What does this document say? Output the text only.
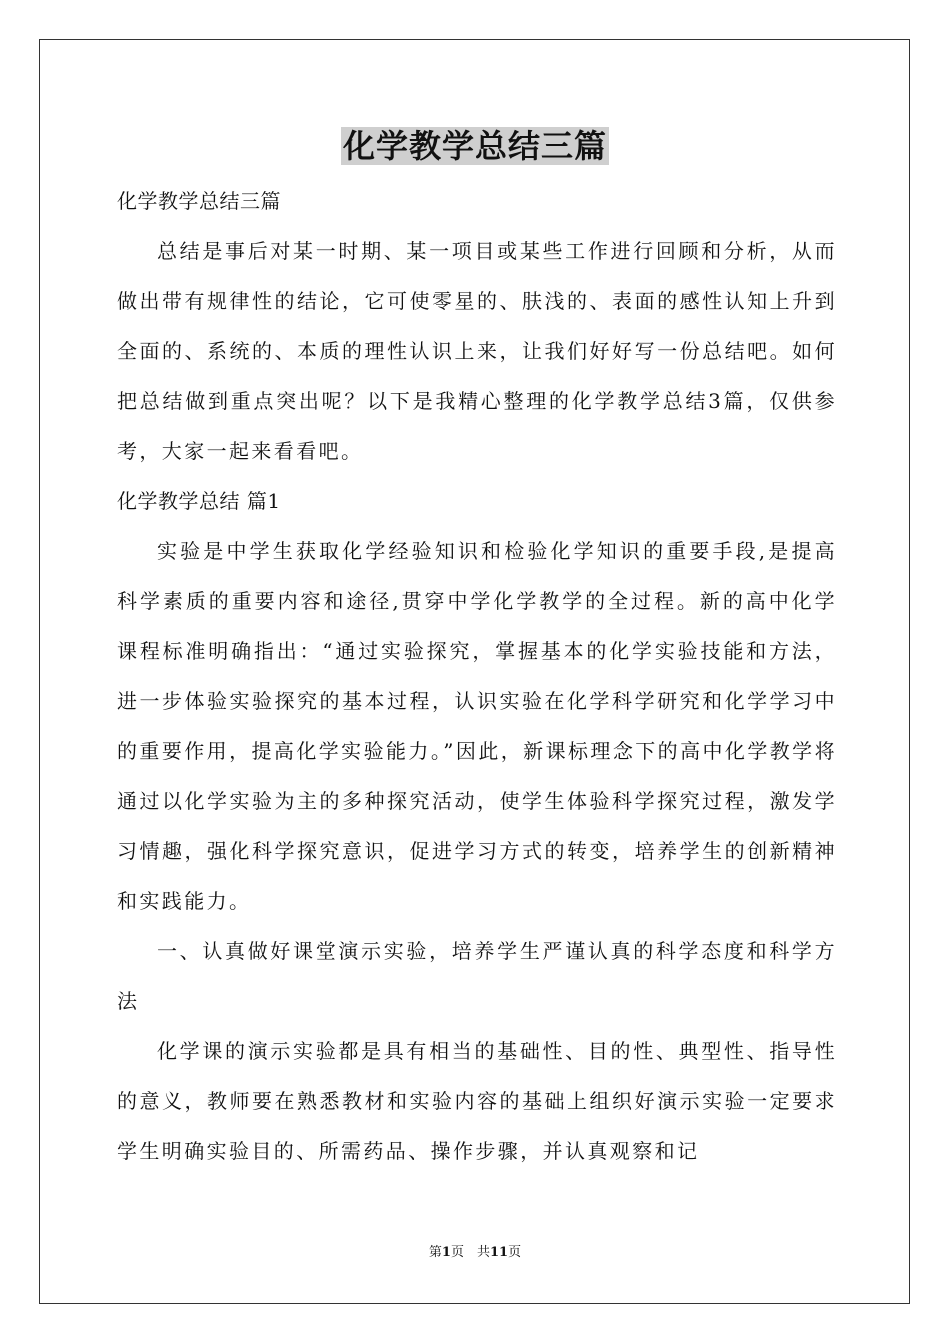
化学教学总结三篇

化学教学总结三篇

总结是事后对某一时期、某一项目或某些工作进行回顾和分析，从而做出带有规律性的结论，它可使零星的、肤浅的、表面的感性认知上升到全面的、系统的、本质的理性认识上来，让我们好好写一份总结吧。如何把总结做到重点突出呢？以下是我精心整理的化学教学总结3篇，仅供参考，大家一起来看看吧。

化学教学总结 篇1

实验是中学生获取化学经验知识和检验化学知识的重要手段,是提高科学素质的重要内容和途径,贯穿中学化学教学的全过程。新的高中化学课程标准明确指出：“通过实验探究，掌握基本的化学实验技能和方法，进一步体验实验探究的基本过程，认识实验在化学科学研究和化学学习中的重要作用，提高化学实验能力。”因此，新课标理念下的高中化学教学将通过以化学实验为主的多种探究活动，使学生体验科学探究过程，激发学习情趣，强化科学探究意识，促进学习方式的转变，培养学生的创新精神和实践能力。

一、认真做好课堂演示实验，培养学生严谨认真的科学态度和科学方法

化学课的演示实验都是具有相当的基础性、目的性、典型性、指导性的意义，教师要在熟悉教材和实验内容的基础上组织好演示实验一定要求学生明确实验目的、所需药品、操作步骤，并认真观察和记

第1页　共11页
